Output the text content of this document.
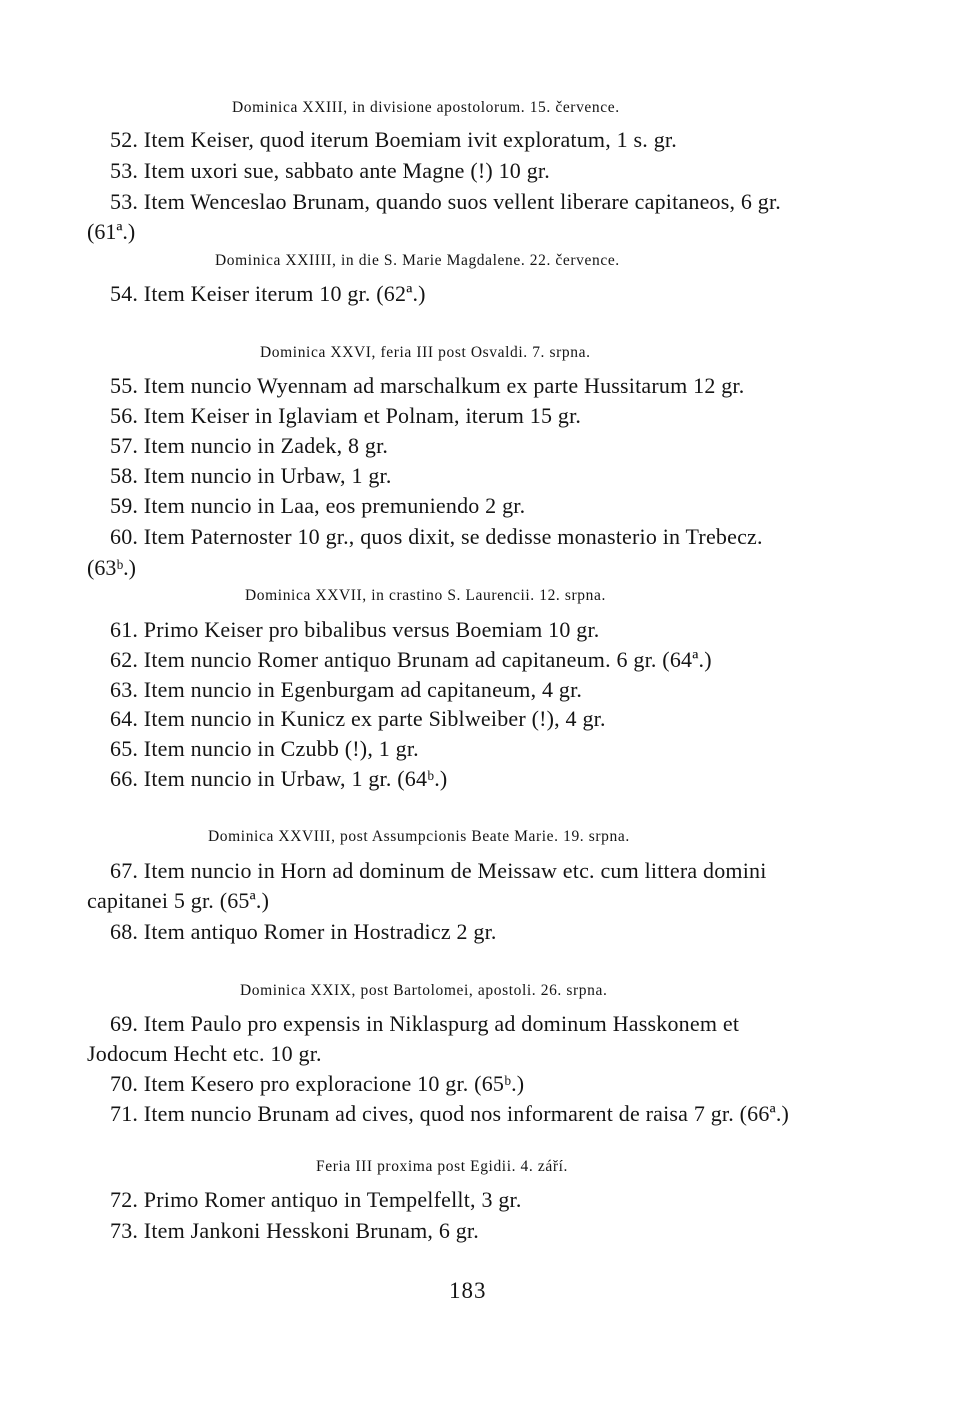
Dominica XXIII, in divisione apostolorum. 15. července.
52. Item Keiser, quod iterum Boemiam ivit exploratum, 1 s. gr.
53. Item uxori sue, sabbato ante Magne (!) 10 gr.
53. Item Wenceslao Brunam, quando suos vellent liberare capitaneos, 6 gr.
(61ª.)
Dominica XXIIII, in die S. Marie Magdalene. 22. července.
54. Item Keiser iterum 10 gr. (62ª.)
Dominica XXVI, feria III post Osvaldi. 7. srpna.
55. Item nuncio Wyennam ad marschalkum ex parte Hussitarum 12 gr.
56. Item Keiser in Iglaviam et Polnam, iterum 15 gr.
57. Item nuncio in Zadek, 8 gr.
58. Item nuncio in Urbaw, 1 gr.
59. Item nuncio in Laa, eos premuniendo 2 gr.
60. Item Paternoster 10 gr., quos dixit, se dedisse monasterio in Trebecz.
(63ᵇ.)
Dominica XXVII, in crastino S. Laurencii. 12. srpna.
61. Primo Keiser pro bibalibus versus Boemiam 10 gr.
62. Item nuncio Romer antiquo Brunam ad capitaneum. 6 gr. (64ª.)
63. Item nuncio in Egenburgam ad capitaneum, 4 gr.
64. Item nuncio in Kunicz ex parte Siblweiber (!), 4 gr.
65. Item nuncio in Czubb (!), 1 gr.
66. Item nuncio in Urbaw, 1 gr. (64ᵇ.)
Dominica XXVIII, post Assumpcionis Beate Marie. 19. srpna.
67. Item nuncio in Horn ad dominum de Meissaw etc. cum littera domini
capitanei 5 gr. (65ª.)
68. Item antiquo Romer in Hostradicz 2 gr.
Dominica XXIX, post Bartolomei, apostoli. 26. srpna.
69. Item Paulo pro expensis in Niklaspurg ad dominum Hasskonem et
Jodocum Hecht etc. 10 gr.
70. Item Kesero pro exploracione 10 gr. (65ᵇ.)
71. Item nuncio Brunam ad cives, quod nos informarent de raisa 7 gr. (66ª.)
Feria III proxima post Egidii. 4. září.
72. Primo Romer antiquo in Tempelfellt, 3 gr.
73. Item Jankoni Hesskoni Brunam, 6 gr.
183
